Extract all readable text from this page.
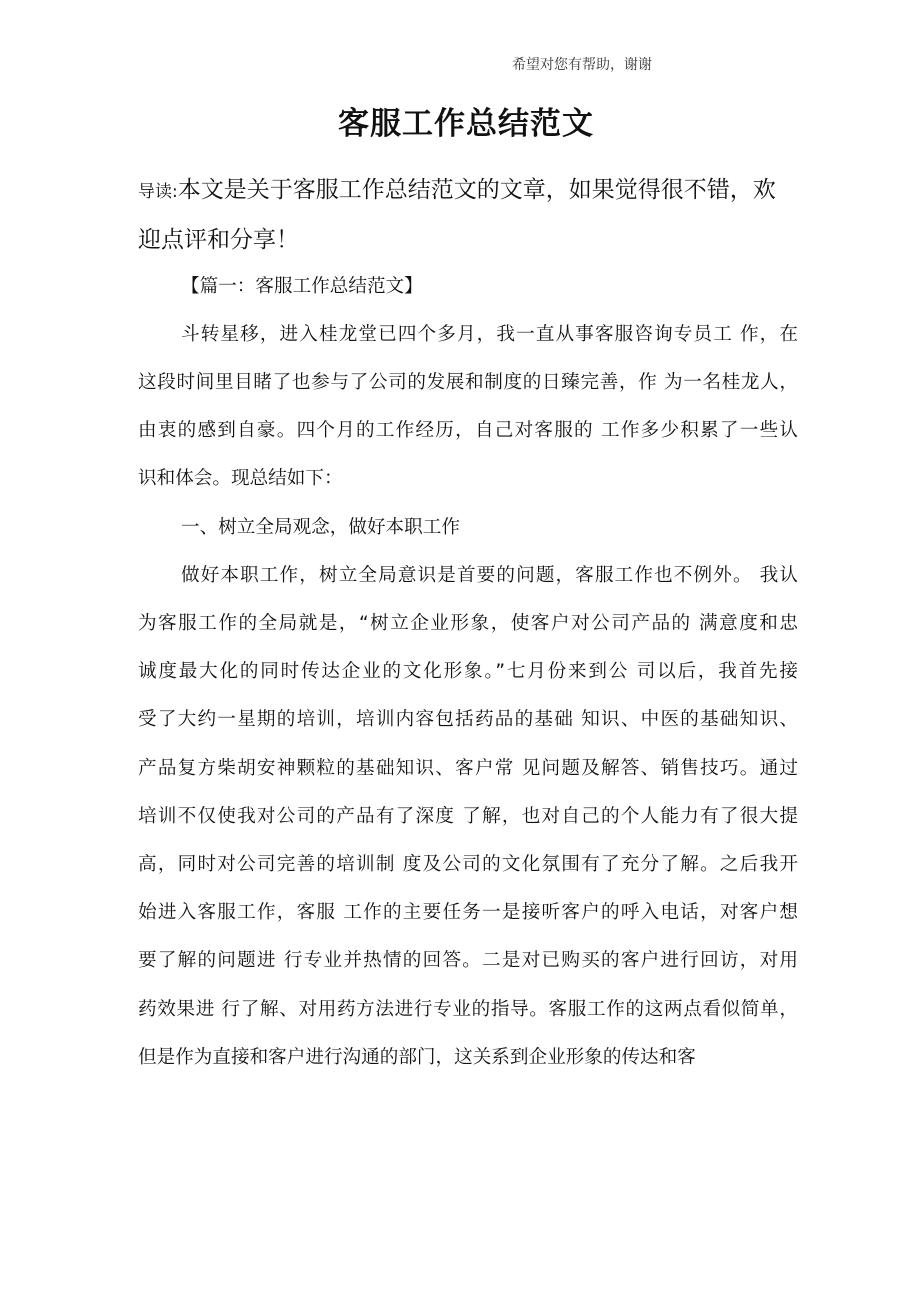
希望对您有帮助，谢谢
客服工作总结范文
导读:本文是关于客服工作总结范文的文章，如果觉得很不错，欢迎点评和分享！
【篇一：客服工作总结范文】
斗转星移，进入桂龙堂已四个多月，我一直从事客服咨询专员工 作，在
这段时间里目睹了也参与了公司的发展和制度的日臻完善，作 为一名桂龙人，
由衷的感到自豪。四个月的工作经历，自己对客服的 工作多少积累了一些认
识和体会。现总结如下：
一、树立全局观念，做好本职工作
做好本职工作，树立全局意识是首要的问题，客服工作也不例外。 我认
为客服工作的全局就是，“树立企业形象，使客户对公司产品的 满意度和忠
诚度最大化的同时传达企业的文化形象。”七月份来到公 司以后，我首先接
受了大约一星期的培训，培训内容包括药品的基础 知识、中医的基础知识、
产品复方柴胡安神颗粒的基础知识、客户常 见问题及解答、销售技巧。通过
培训不仅使我对公司的产品有了深度 了解，也对自己的个人能力有了很大提
高，同时对公司完善的培训制 度及公司的文化氛围有了充分了解。之后我开
始进入客服工作，客服 工作的主要任务一是接听客户的呼入电话，对客户想
要了解的问题进 行专业并热情的回答。二是对已购买的客户进行回访，对用
药效果进 行了解、对用药方法进行专业的指导。客服工作的这两点看似简单，
但是作为直接和客户进行沟通的部门，这关系到企业形象的传达和客
